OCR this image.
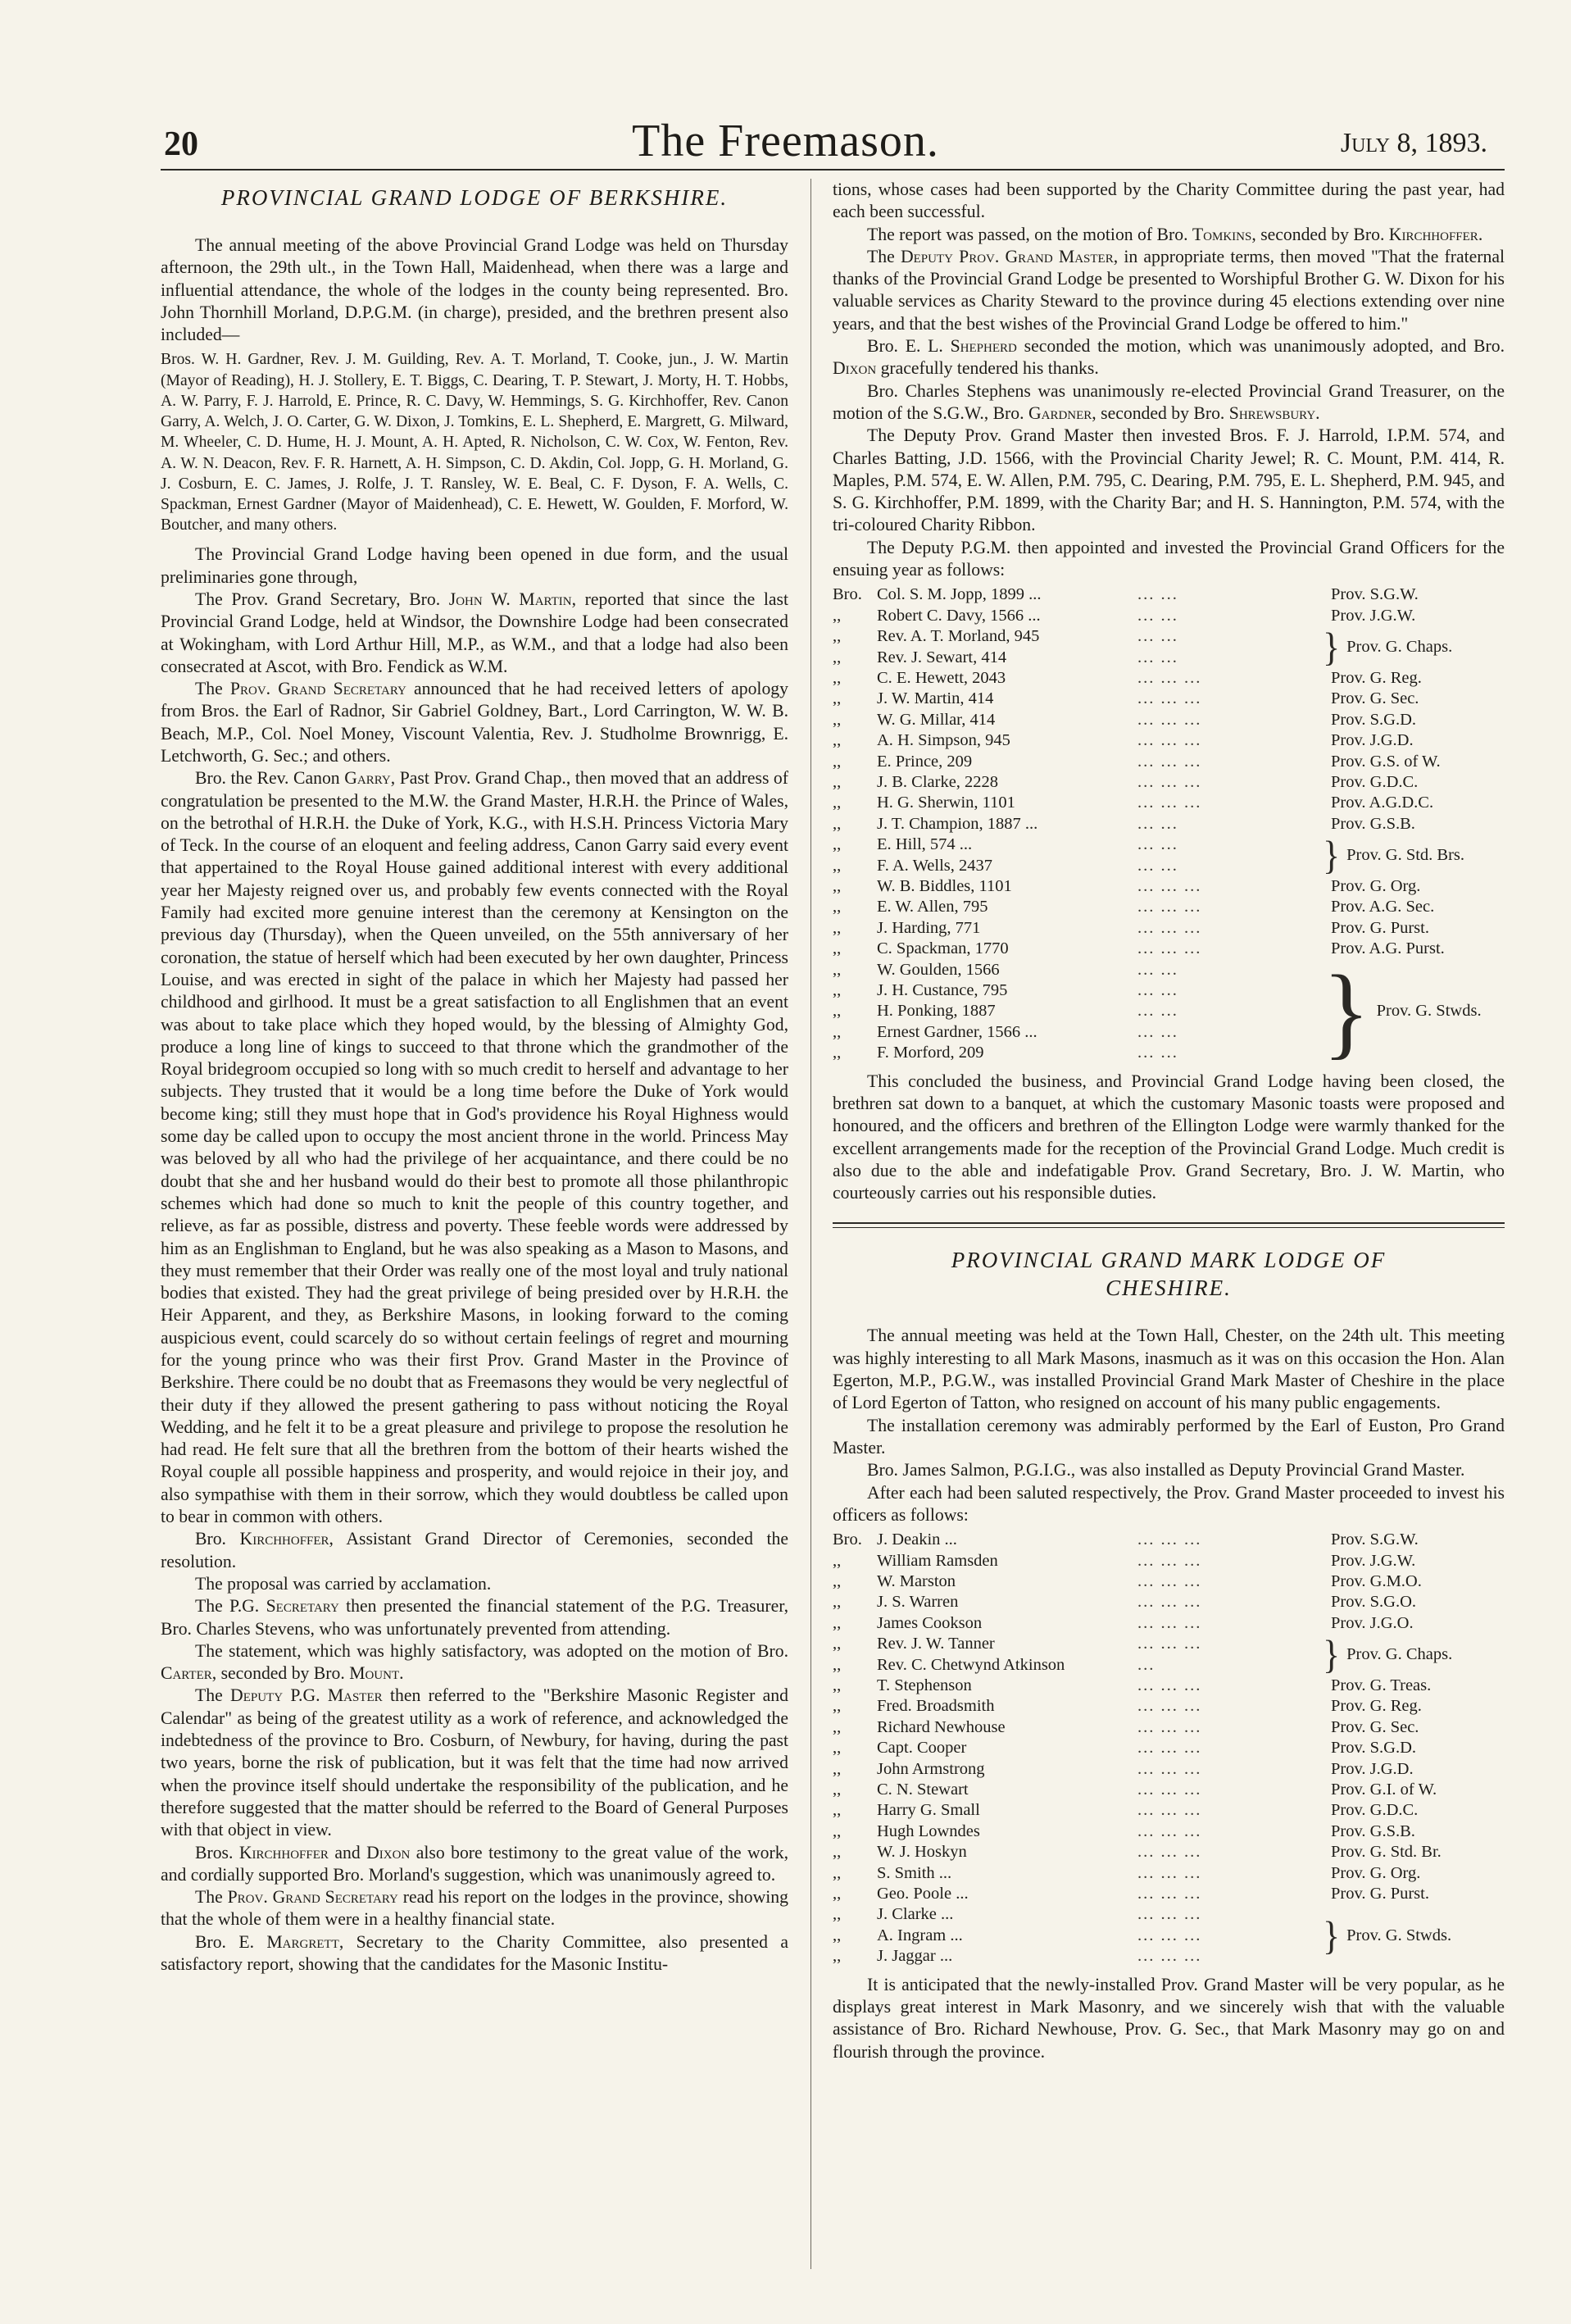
20	The Freemason.	July 8, 1893.
PROVINCIAL GRAND LODGE OF BERKSHIRE.

The annual meeting of the above Provincial Grand Lodge was held on Thursday afternoon, the 29th ult., in the Town Hall, Maidenhead, when there was a large and influential attendance, the whole of the lodges in the county being represented. Bro. John Thornhill Morland, D.P.G.M. (in charge), presided, and the brethren present also included—

Bros. W. H. Gardner, Rev. J. M. Guilding, Rev. A. T. Morland, T. Cooke, jun., J. W. Martin (Mayor of Reading), H. J. Stollery, E. T. Biggs, C. Dearing, T. P. Stewart, J. Morty, H. T. Hobbs, A. W. Parry, F. J. Harrold, E. Prince, R. C. Davy, W. Hemmings, S. G. Kirchhoffer, Rev. Canon Garry, A. Welch, J. O. Carter, G. W. Dixon, J. Tomkins, E. L. Shepherd, E. Margrett, G. Milward, M. Wheeler, C. D. Hume, H. J. Mount, A. H. Apted, R. Nicholson, C. W. Cox, W. Fenton, Rev. A. W. N. Deacon, Rev. F. R. Harnett, A. H. Simpson, C. D. Akdin, Col. Jopp, G. H. Morland, G. J. Cosburn, E. C. James, J. Rolfe, J. T. Ransley, W. E. Beal, C. F. Dyson, F. A. Wells, C. Spackman, Ernest Gardner (Mayor of Maidenhead), C. E. Hewett, W. Goulden, F. Morford, W. Boutcher, and many others.

The Provincial Grand Lodge having been opened in due form, and the usual preliminaries gone through,

The Prov. Grand Secretary, Bro. John W. Martin, reported that since the last Provincial Grand Lodge, held at Windsor, the Downshire Lodge had been consecrated at Wokingham, with Lord Arthur Hill, M.P., as W.M., and that a lodge had also been consecrated at Ascot, with Bro. Fendick as W.M.

The Prov. Grand Secretary announced that he had received letters of apology from Bros. the Earl of Radnor, Sir Gabriel Goldney, Bart., Lord Carrington, W. W. B. Beach, M.P., Col. Noel Money, Viscount Valentia, Rev. J. Studholme Brownrigg, E. Letchworth, G. Sec.; and others.

Bro. the Rev. Canon Garry, Past Prov. Grand Chap., then moved that an address of congratulation be presented to the M.W. the Grand Master, H.R.H. the Prince of Wales, on the betrothal of H.R.H. the Duke of York, K.G., with H.S.H. Princess Victoria Mary of Teck. In the course of an eloquent and feeling address, Canon Garry said every event that appertained to the Royal House gained additional interest with every additional year her Majesty reigned over us, and probably few events connected with the Royal Family had excited more genuine interest than the ceremony at Kensington on the previous day (Thursday), when the Queen unveiled, on the 55th anniversary of her coronation, the statue of herself which had been executed by her own daughter, Princess Louise, and was erected in sight of the palace in which her Majesty had passed her childhood and girlhood. It must be a great satisfaction to all Englishmen that an event was about to take place which they hoped would, by the blessing of Almighty God, produce a long line of kings to succeed to that throne which the grandmother of the Royal bridegroom occupied so long with so much credit to herself and advantage to her subjects. They trusted that it would be a long time before the Duke of York would become king; still they must hope that in God's providence his Royal Highness would some day be called upon to occupy the most ancient throne in the world. Princess May was beloved by all who had the privilege of her acquaintance, and there could be no doubt that she and her husband would do their best to promote all those philanthropic schemes which had done so much to knit the people of this country together, and relieve, as far as possible, distress and poverty. These feeble words were addressed by him as an Englishman to England, but he was also speaking as a Mason to Masons, and they must remember that their Order was really one of the most loyal and truly national bodies that existed. They had the great privilege of being presided over by H.R.H. the Heir Apparent, and they, as Berkshire Masons, in looking forward to the coming auspicious event, could scarcely do so without certain feelings of regret and mourning for the young prince who was their first Prov. Grand Master in the Province of Berkshire. There could be no doubt that as Freemasons they would be very neglectful of their duty if they allowed the present gathering to pass without noticing the Royal Wedding, and he felt it to be a great pleasure and privilege to propose the resolution he had read. He felt sure that all the brethren from the bottom of their hearts wished the Royal couple all possible happiness and prosperity, and would rejoice in their joy, and also sympathise with them in their sorrow, which they would doubtless be called upon to bear in common with others.

Bro. Kirchhoffer, Assistant Grand Director of Ceremonies, seconded the resolution.

The proposal was carried by acclamation.

The P.G. Secretary then presented the financial statement of the P.G. Treasurer, Bro. Charles Stevens, who was unfortunately prevented from attending.

The statement, which was highly satisfactory, was adopted on the motion of Bro. Carter, seconded by Bro. Mount.

The Deputy P.G. Master then referred to the "Berkshire Masonic Register and Calendar" as being of the greatest utility as a work of reference, and acknowledged the indebtedness of the province to Bro. Cosburn, of Newbury, for having, during the past two years, borne the risk of publication, but it was felt that the time had now arrived when the province itself should undertake the responsibility of the publication, and he therefore suggested that the matter should be referred to the Board of General Purposes with that object in view.

Bros. Kirchhoffer and Dixon also bore testimony to the great value of the work, and cordially supported Bro. Morland's suggestion, which was unanimously agreed to.

The Prov. Grand Secretary read his report on the lodges in the province, showing that the whole of them were in a healthy financial state.

Bro. E. Margrett, Secretary to the Charity Committee, also presented a satisfactory report, showing that the candidates for the Masonic Institu-

tions, whose cases had been supported by the Charity Committee during the past year, had each been successful.

The report was passed, on the motion of Bro. Tomkins, seconded by Bro. Kirchhoffer.

The Deputy Prov. Grand Master, in appropriate terms, then moved "That the fraternal thanks of the Provincial Grand Lodge be presented to Worshipful Brother G. W. Dixon for his valuable services as Charity Steward to the province during 45 elections extending over nine years, and that the best wishes of the Provincial Grand Lodge be offered to him."

Bro. E. L. Shepherd seconded the motion, which was unanimously adopted, and Bro. Dixon gracefully tendered his thanks.

Bro. Charles Stephens was unanimously re-elected Provincial Grand Treasurer, on the motion of the S.G.W., Bro. Gardner, seconded by Bro. Shrewsbury.

The Deputy Prov. Grand Master then invested Bros. F. J. Harrold, I.P.M. 574, and Charles Batting, J.D. 1566, with the Provincial Charity Jewel; R. C. Mount, P.M. 414, R. Maples, P.M. 574, E. W. Allen, P.M. 795, C. Dearing, P.M. 795, E. L. Shepherd, P.M. 945, and S. G. Kirchhoffer, P.M. 1899, with the Charity Bar; and H. S. Hannington, P.M. 574, with the tri-coloured Charity Ribbon.

The Deputy P.G.M. then appointed and invested the Provincial Grand Officers for the ensuing year as follows:

Bro. Col. S. M. Jopp, 1899 ...	... ...	Prov. S.G.W.
,,	Robert C. Davy, 1566 ...	... ...	Prov. J.G.W.
,,	Rev. A. T. Morland, 945	... ...
,,	Rev. J. Sewart, 414	... ...	} Prov. G. Chaps.
,,	C. E. Hewett, 2043	... ... ...	Prov. G. Reg.
,,	J. W. Martin, 414	... ... ...	Prov. G. Sec.
,,	W. G. Millar, 414	... ... ...	Prov. S.G.D.
,,	A. H. Simpson, 945	... ... ...	Prov. J.G.D.
,,	E. Prince, 209	... ... ...	Prov. G.S. of W.
,,	J. B. Clarke, 2228	... ... ...	Prov. G.D.C.
,,	H. G. Sherwin, 1101	... ... ...	Prov. A.G.D.C.
,,	J. T. Champion, 1887 ...	... ...	Prov. G.S.B.
,,	E. Hill, 574 ...	... ...
,,	F. A. Wells, 2437	... ...	} Prov. G. Std. Brs.
,,	W. B. Biddles, 1101	... ... ...	Prov. G. Org.
,,	E. W. Allen, 795	... ... ...	Prov. A.G. Sec.
,,	J. Harding, 771	... ... ...	Prov. G. Purst.
,,	C. Spackman, 1770	... ... ...	Prov. A.G. Purst.
,,	W. Goulden, 1566	... ...
,,	J. H. Custance, 795	... ...
,,	H. Ponking, 1887	... ...
,,	Ernest Gardner, 1566 ...	... ...
,,	F. Morford, 209	... ...	} Prov. G. Stwds.

This concluded the business, and Provincial Grand Lodge having been closed, the brethren sat down to a banquet, at which the customary Masonic toasts were proposed and honoured, and the officers and brethren of the Ellington Lodge were warmly thanked for the excellent arrangements made for the reception of the Provincial Grand Lodge. Much credit is also due to the able and indefatigable Prov. Grand Secretary, Bro. J. W. Martin, who courteously carries out his responsible duties.

PROVINCIAL GRAND MARK LODGE OF
CHESHIRE.

The annual meeting was held at the Town Hall, Chester, on the 24th ult. This meeting was highly interesting to all Mark Masons, inasmuch as it was on this occasion the Hon. Alan Egerton, M.P., P.G.W., was installed Provincial Grand Mark Master of Cheshire in the place of Lord Egerton of Tatton, who resigned on account of his many public engagements.

The installation ceremony was admirably performed by the Earl of Euston, Pro Grand Master.

Bro. James Salmon, P.G.I.G., was also installed as Deputy Provincial Grand Master.

After each had been saluted respectively, the Prov. Grand Master proceeded to invest his officers as follows:

Bro. J. Deakin ...	... ... ...	Prov. S.G.W.
,,	William Ramsden	... ... ...	Prov. J.G.W.
,,	W. Marston	... ... ...	Prov. G.M.O.
,,	J. S. Warren	... ... ...	Prov. S.G.O.
,,	James Cookson	... ... ...	Prov. J.G.O.
,,	Rev. J. W. Tanner	... ... ...
,,	Rev. C. Chetwynd Atkinson	...	} Prov. G. Chaps.
,,	T. Stephenson	... ... ...	Prov. G. Treas.
,,	Fred. Broadsmith	... ... ...	Prov. G. Reg.
,,	Richard Newhouse	... ... ...	Prov. G. Sec.
,,	Capt. Cooper	... ... ...	Prov. S.G.D.
,,	John Armstrong	... ... ...	Prov. J.G.D.
,,	C. N. Stewart	... ... ...	Prov. G.I. of W.
,,	Harry G. Small	... ... ...	Prov. G.D.C.
,,	Hugh Lowndes	... ... ...	Prov. G.S.B.
,,	W. J. Hoskyn	... ... ...	Prov. G. Std. Br.
,,	S. Smith ...	... ... ...	Prov. G. Org.
,,	Geo. Poole ...	... ... ...	Prov. G. Purst.
,,	J. Clarke ...	... ... ...
,,	A. Ingram ...	... ... ...
,,	J. Jaggar ...	... ... ...	} Prov. G. Stwds.

It is anticipated that the newly-installed Prov. Grand Master will be very popular, as he displays great interest in Mark Masonry, and we sincerely wish that with the valuable assistance of Bro. Richard Newhouse, Prov. G. Sec., that Mark Masonry may go on and flourish through the province.
